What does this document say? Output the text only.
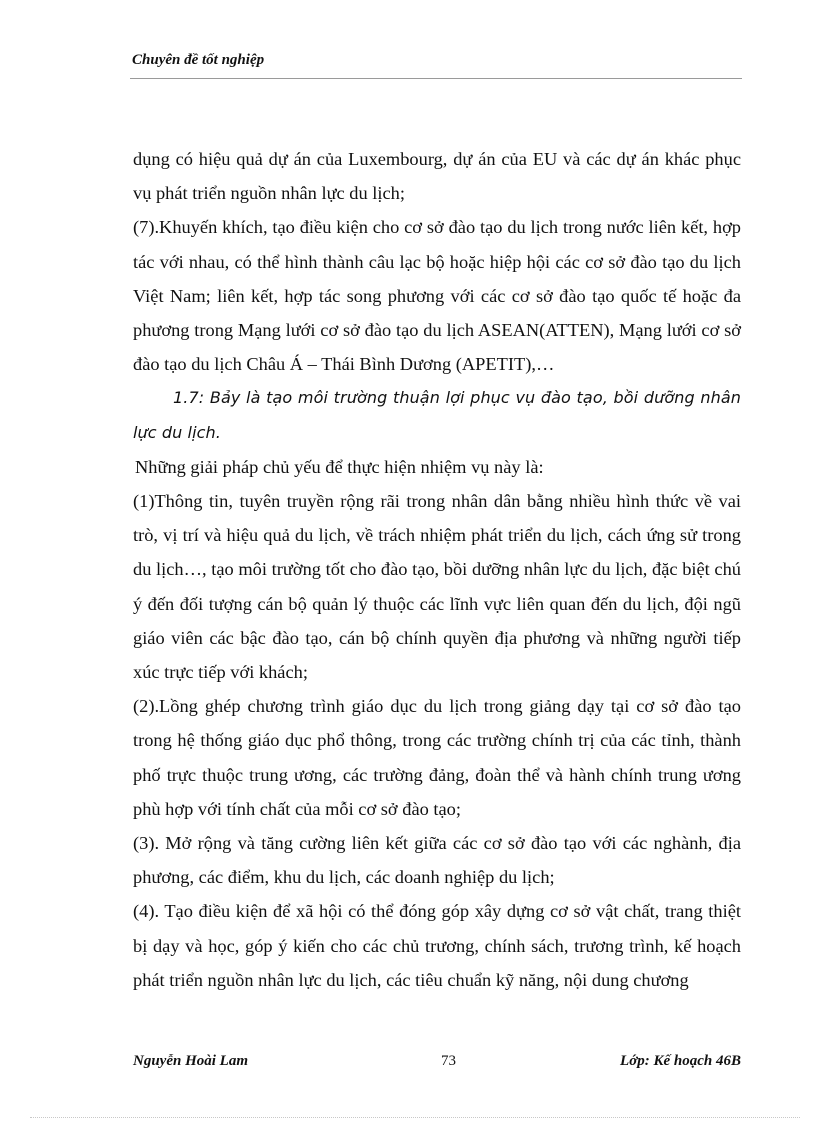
Chuyên đề tốt nghiệp

dụng có hiệu quả dự án của Luxembourg, dự án của EU và các dự án khác phục vụ phát triển nguồn nhân lực du lịch;

(7).Khuyến khích, tạo điều kiện cho cơ sở đào tạo du lịch trong nước liên kết, hợp tác với nhau, có thể hình thành câu lạc bộ hoặc hiệp hội các cơ sở đào tạo du lịch Việt Nam; liên kết, hợp tác song phương với các cơ sở đào tạo quốc tế hoặc đa phương trong Mạng lưới cơ sở đào tạo du lịch ASEAN(ATTEN), Mạng lưới cơ sở đào tạo du lịch Châu Á – Thái Bình Dương (APETIT),…

1.7: Bảy là tạo môi trường thuận lợi phục vụ đào tạo, bồi dưỡng nhân lực du lịch.

Những giải pháp chủ yếu để thực hiện nhiệm vụ này là:

(1)Thông tin, tuyên truyền rộng rãi trong nhân dân bằng nhiều hình thức về vai trò, vị trí và hiệu quả du lịch, về trách nhiệm phát triển du lịch, cách ứng sử trong du lịch…, tạo môi trường tốt cho đào tạo, bồi dưỡng nhân lực du lịch, đặc biệt chú ý đến đối tượng cán bộ quản lý thuộc các lĩnh vực liên quan đến du lịch, đội ngũ giáo viên các bậc đào tạo, cán bộ chính quyền địa phương và những người tiếp xúc trực tiếp với khách;

(2).Lồng ghép chương trình giáo dục du lịch trong giảng dạy tại cơ sở đào tạo trong hệ thống giáo dục phổ thông, trong các trường chính trị của các tỉnh, thành phố trực thuộc trung ương, các trường đảng, đoàn thể và hành chính trung ương phù hợp với tính chất của mỗi cơ sở đào tạo;

(3). Mở rộng và tăng cường liên kết giữa các cơ sở đào tạo với các nghành, địa phương, các điểm, khu du lịch, các doanh nghiệp du lịch;

(4). Tạo điều kiện để xã hội có thể đóng góp xây dựng cơ sở vật chất, trang thiệt bị dạy và học, góp ý kiến cho các chủ trương, chính sách, trương trình, kế hoạch phát triển nguồn nhân lực du lịch, các tiêu chuẩn kỹ năng, nội dung chương

Nguyễn Hoài Lam	73	Lớp: Kế hoạch 46B
